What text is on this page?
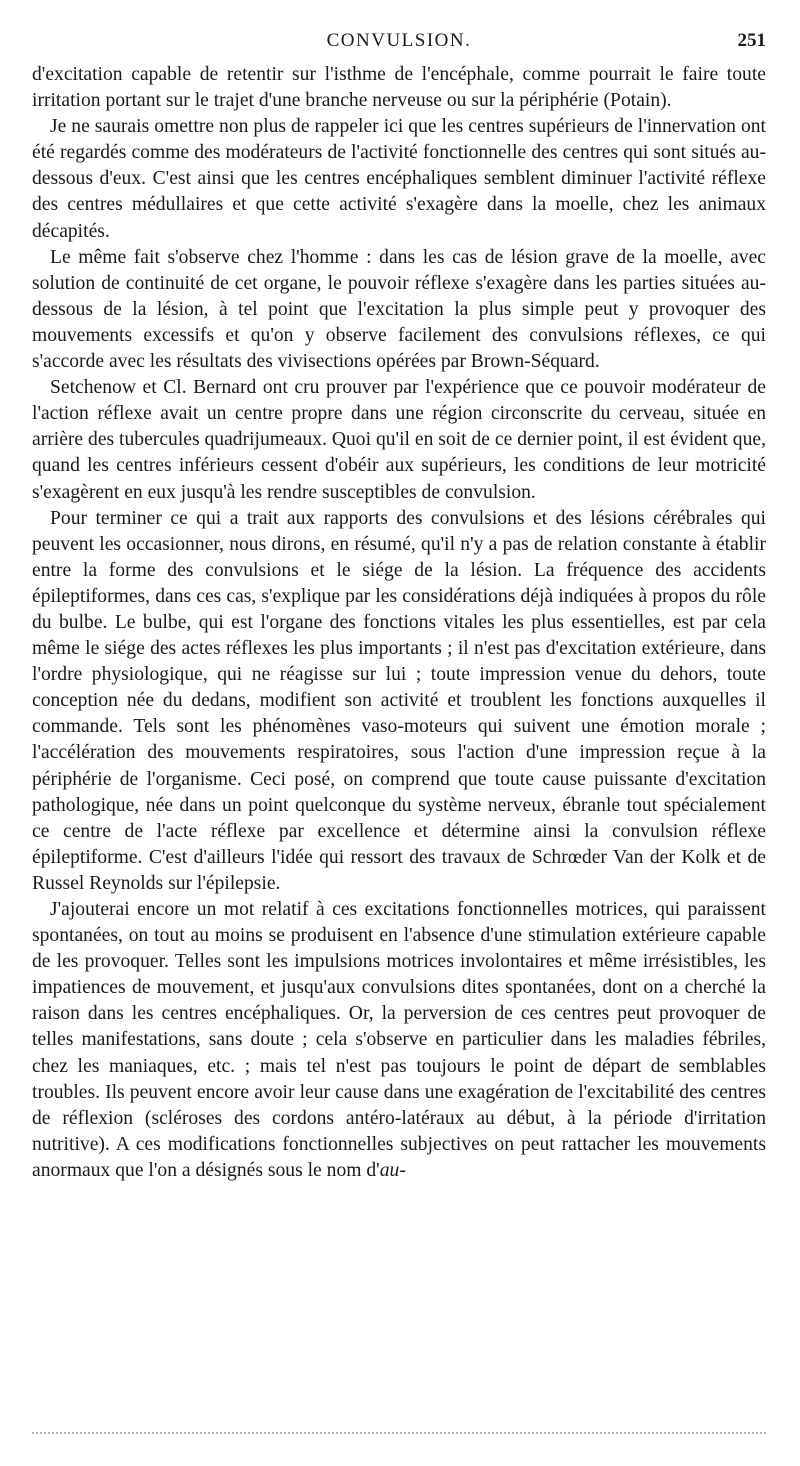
CONVULSION.	251

d'excitation capable de retentir sur l'isthme de l'encéphale, comme pourrait le faire toute irritation portant sur le trajet d'une branche nerveuse ou sur la périphérie (Potain).

Je ne saurais omettre non plus de rappeler ici que les centres supérieurs de l'innervation ont été regardés comme des modérateurs de l'activité fonctionnelle des centres qui sont situés au-dessous d'eux. C'est ainsi que les centres encéphaliques semblent diminuer l'activité réflexe des centres médullaires et que cette activité s'exagère dans la moelle, chez les animaux décapités.

Le même fait s'observe chez l'homme : dans les cas de lésion grave de la moelle, avec solution de continuité de cet organe, le pouvoir réflexe s'exagère dans les parties situées au-dessous de la lésion, à tel point que l'excitation la plus simple peut y provoquer des mouvements excessifs et qu'on y observe facilement des convulsions réflexes, ce qui s'accorde avec les résultats des vivisections opérées par Brown-Séquard.

Setchenow et Cl. Bernard ont cru prouver par l'expérience que ce pouvoir modérateur de l'action réflexe avait un centre propre dans une région circonscrite du cerveau, située en arrière des tubercules quadrijumeaux. Quoi qu'il en soit de ce dernier point, il est évident que, quand les centres inférieurs cessent d'obéir aux supérieurs, les conditions de leur motricité s'exagèrent en eux jusqu'à les rendre susceptibles de convulsion.

Pour terminer ce qui a trait aux rapports des convulsions et des lésions cérébrales qui peuvent les occasionner, nous dirons, en résumé, qu'il n'y a pas de relation constante à établir entre la forme des convulsions et le siége de la lésion. La fréquence des accidents épileptiformes, dans ces cas, s'explique par les considérations déjà indiquées à propos du rôle du bulbe. Le bulbe, qui est l'organe des fonctions vitales les plus essentielles, est par cela même le siége des actes réflexes les plus importants ; il n'est pas d'excitation extérieure, dans l'ordre physiologique, qui ne réagisse sur lui ; toute impression venue du dehors, toute conception née du dedans, modifient son activité et troublent les fonctions auxquelles il commande. Tels sont les phénomènes vaso-moteurs qui suivent une émotion morale ; l'accélération des mouvements respiratoires, sous l'action d'une impression reçue à la périphérie de l'organisme. Ceci posé, on comprend que toute cause puissante d'excitation pathologique, née dans un point quelconque du système nerveux, ébranle tout spécialement ce centre de l'acte réflexe par excellence et détermine ainsi la convulsion réflexe épileptiforme. C'est d'ailleurs l'idée qui ressort des travaux de Schrœder Van der Kolk et de Russel Reynolds sur l'épilepsie.

J'ajouterai encore un mot relatif à ces excitations fonctionnelles motrices, qui paraissent spontanées, on tout au moins se produisent en l'absence d'une stimulation extérieure capable de les provoquer. Telles sont les impulsions motrices involontaires et même irrésistibles, les impatiences de mouvement, et jusqu'aux convulsions dites spontanées, dont on a cherché la raison dans les centres encéphaliques. Or, la perversion de ces centres peut provoquer de telles manifestations, sans doute ; cela s'observe en particulier dans les maladies fébriles, chez les maniaques, etc. ; mais tel n'est pas toujours le point de départ de semblables troubles. Ils peuvent encore avoir leur cause dans une exagération de l'excitabilité des centres de réflexion (scléroses des cordons antéro-latéraux au début, à la période d'irritation nutritive). A ces modifications fonctionnelles subjectives on peut rattacher les mouvements anormaux que l'on a désignés sous le nom d'au-
